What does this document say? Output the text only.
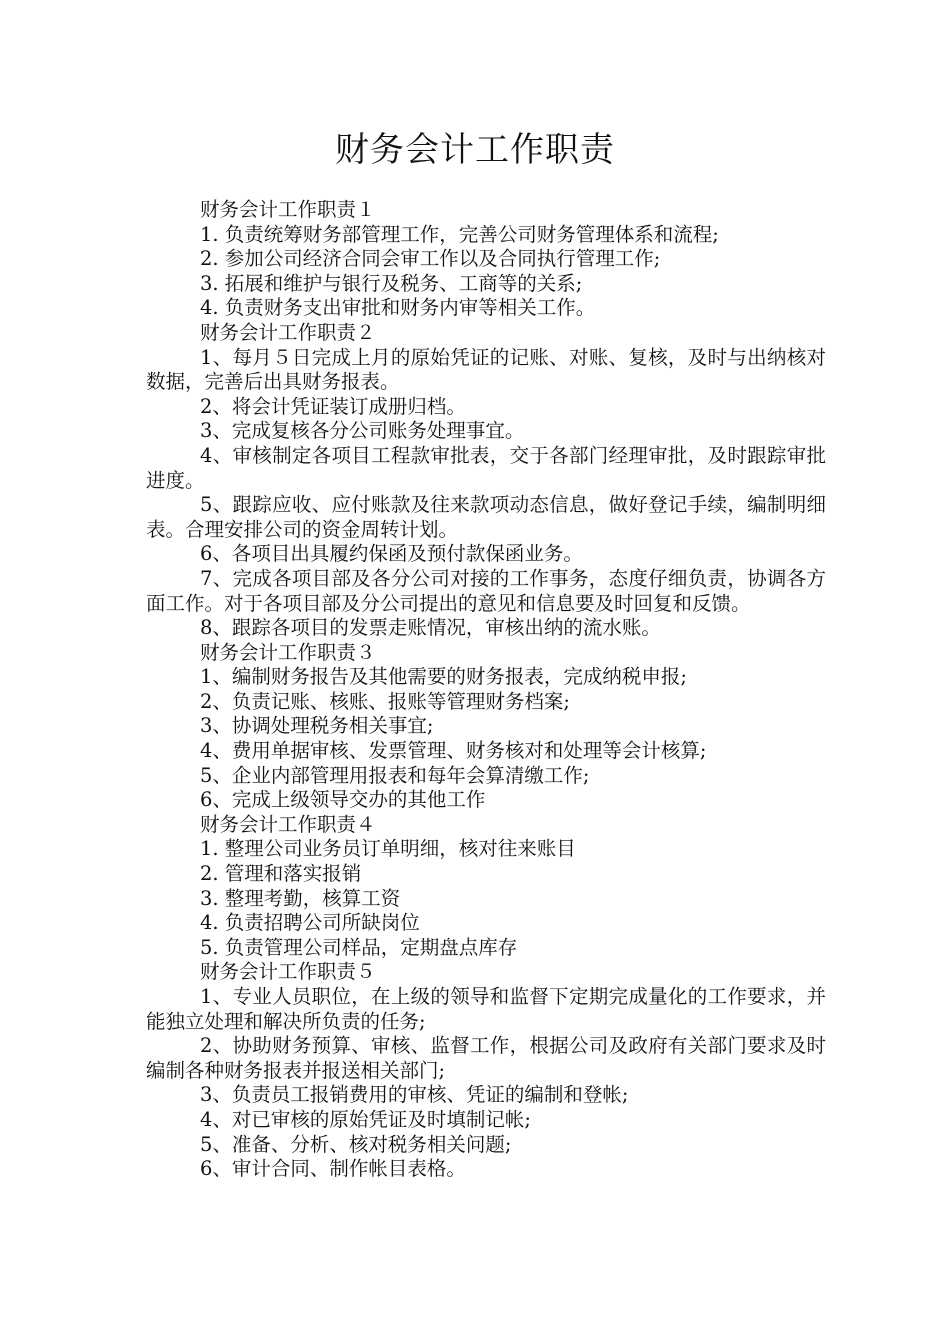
财务会计工作职责

财务会计工作职责１

1. 负责统筹财务部管理工作，完善公司财务管理体系和流程;

2. 参加公司经济合同会审工作以及合同执行管理工作;

3. 拓展和维护与银行及税务、工商等的关系;

4. 负责财务支出审批和财务内审等相关工作。

财务会计工作职责２

1、每月５日完成上月的原始凭证的记账、对账、复核，及时与出纳核对数据，完善后出具财务报表。

2、将会计凭证装订成册归档。

3、完成复核各分公司账务处理事宜。

4、审核制定各项目工程款审批表，交于各部门经理审批，及时跟踪审批进度。

5、跟踪应收、应付账款及往来款项动态信息，做好登记手续，编制明细表。合理安排公司的资金周转计划。

6、各项目出具履约保函及预付款保函业务。

7、完成各项目部及各分公司对接的工作事务，态度仔细负责，协调各方面工作。对于各项目部及分公司提出的意见和信息要及时回复和反馈。

8、跟踪各项目的发票走账情况，审核出纳的流水账。

财务会计工作职责３

1、编制财务报告及其他需要的财务报表，完成纳税申报;

2、负责记账、核账、报账等管理财务档案;

3、协调处理税务相关事宜;

4、费用单据审核、发票管理、财务核对和处理等会计核算;

5、企业内部管理用报表和每年会算清缴工作;

6、完成上级领导交办的其他工作

财务会计工作职责４

1. 整理公司业务员订单明细，核对往来账目

2. 管理和落实报销

3. 整理考勤，核算工资

4. 负责招聘公司所缺岗位

5. 负责管理公司样品，定期盘点库存

财务会计工作职责５

1、专业人员职位，在上级的领导和监督下定期完成量化的工作要求，并能独立处理和解决所负责的任务;

2、协助财务预算、审核、监督工作，根据公司及政府有关部门要求及时编制各种财务报表并报送相关部门;

3、负责员工报销费用的审核、凭证的编制和登帐;

4、对已审核的原始凭证及时填制记帐;

5、准备、分析、核对税务相关问题;

6、审计合同、制作帐目表格。
